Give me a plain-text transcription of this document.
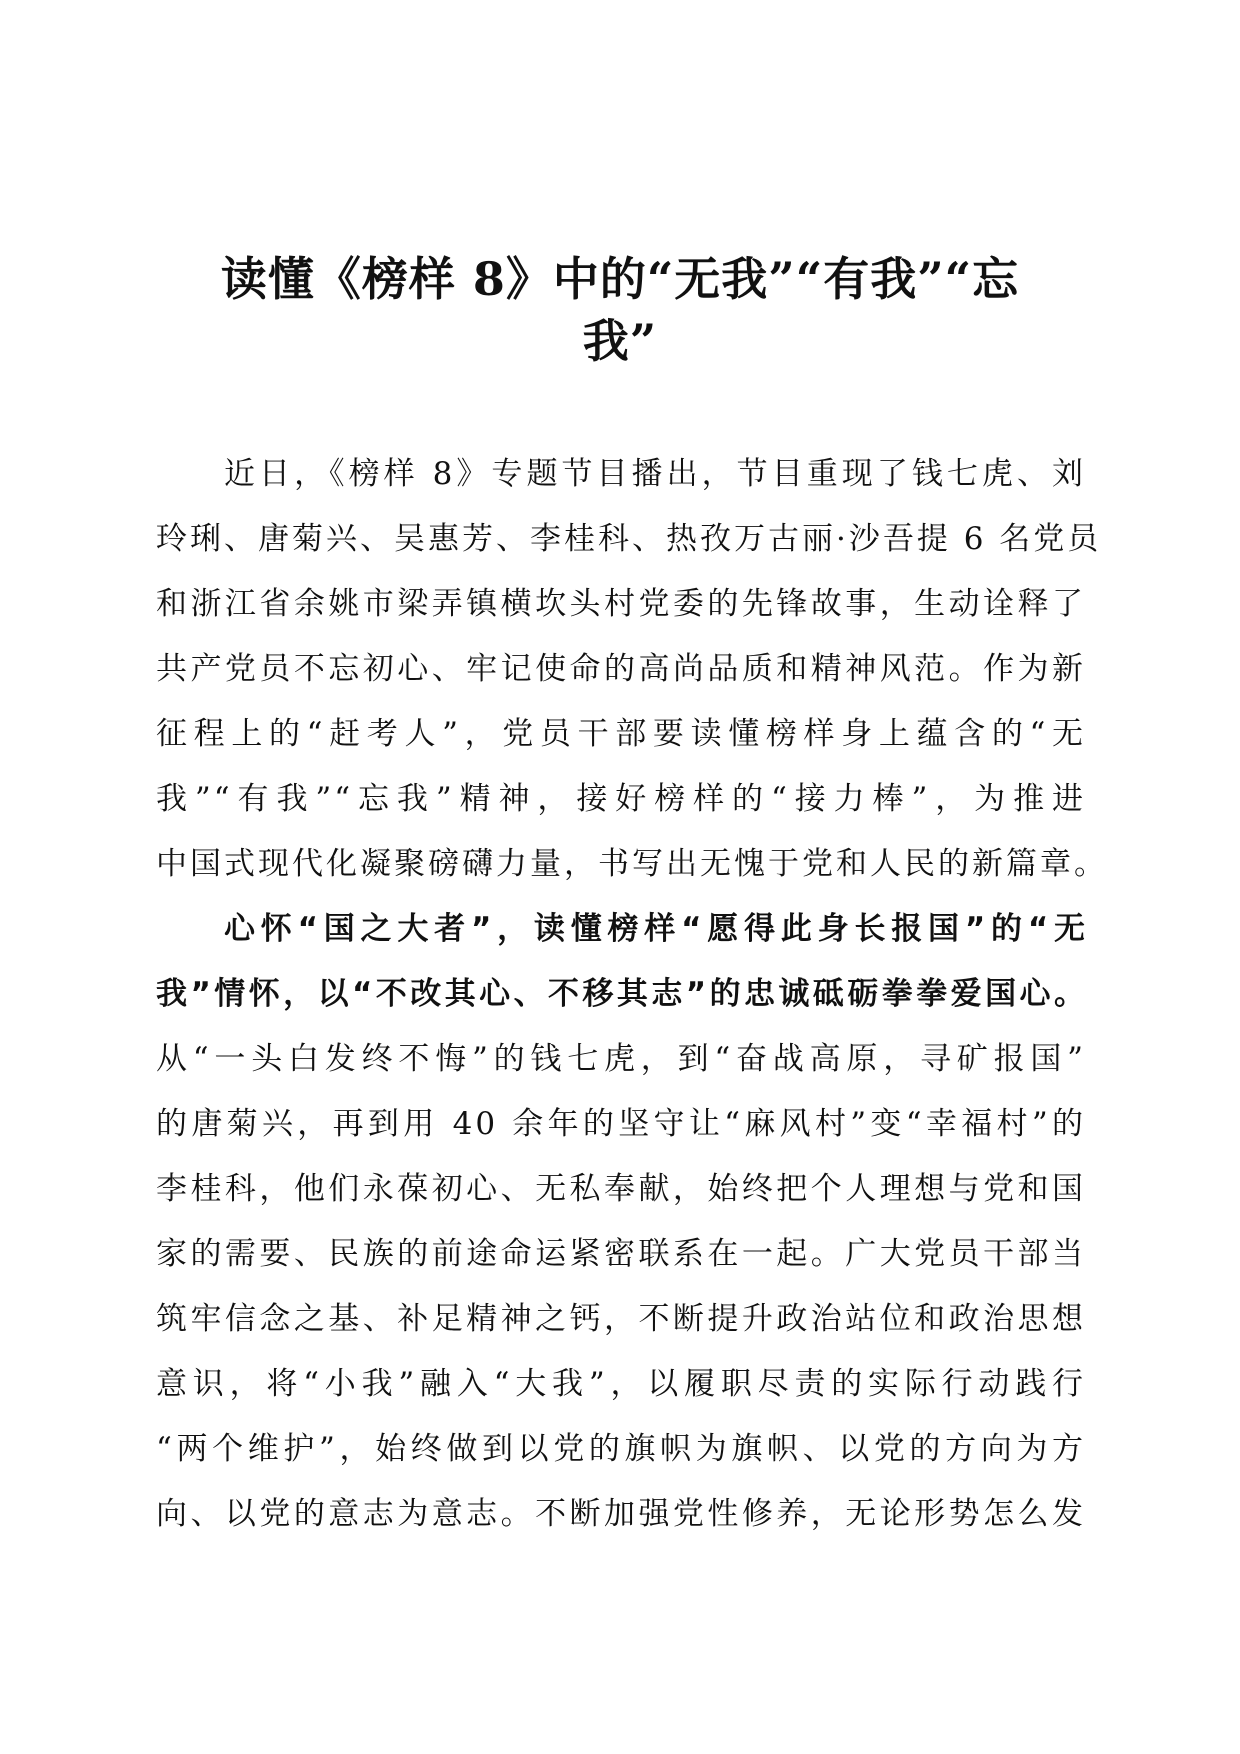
读懂《榜样 8》中的“无我”“有我”“忘
我”
近日，《榜样 8》专题节目播出，节目重现了钱七虎、刘
玲琍、唐菊兴、吴惠芳、李桂科、热孜万古丽·沙吾提 6 名党员
和浙江省余姚市梁弄镇横坎头村党委的先锋故事，生动诠释了
共产党员不忘初心、牢记使命的高尚品质和精神风范。作为新
征程上的“赶考人”，党员干部要读懂榜样身上蕴含的“无
我”“有我”“忘我”精神，接好榜样的“接力棒”，为推进
中国式现代化凝聚磅礴力量，书写出无愧于党和人民的新篇章。
心怀“国之大者”，读懂榜样“愿得此身长报国”的“无
我”情怀，以“不改其心、不移其志”的忠诚砥砺拳拳爱国心。
从“一头白发终不悔”的钱七虎，到“奋战高原，寻矿报国”
的唐菊兴，再到用 40 余年的坚守让“麻风村”变“幸福村”的
李桂科，他们永葆初心、无私奉献，始终把个人理想与党和国
家的需要、民族的前途命运紧密联系在一起。广大党员干部当
筑牢信念之基、补足精神之钙，不断提升政治站位和政治思想
意识，将“小我”融入“大我”，以履职尽责的实际行动践行
“两个维护”，始终做到以党的旗帜为旗帜、以党的方向为方
向、以党的意志为意志。不断加强党性修养，无论形势怎么发
